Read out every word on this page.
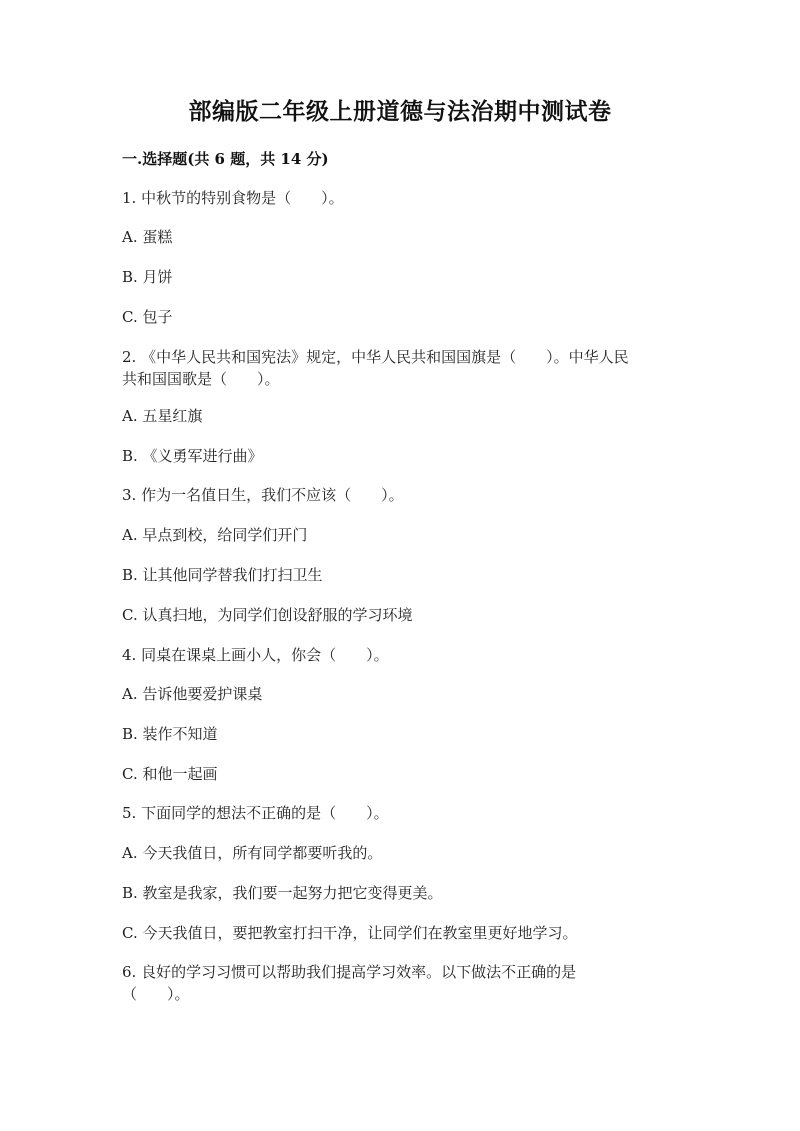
部编版二年级上册道德与法治期中测试卷
一.选择题(共 6 题，共 14 分)
1. 中秋节的特别食物是（　　）。
A. 蛋糕
B. 月饼
C. 包子
2. 《中华人民共和国宪法》规定，中华人民共和国国旗是（　　）。中华人民
共和国国歌是（　　）。
A. 五星红旗
B. 《义勇军进行曲》
3. 作为一名值日生，我们不应该（　　）。
A. 早点到校，给同学们开门
B. 让其他同学替我们打扫卫生
C. 认真扫地，为同学们创设舒服的学习环境
4. 同桌在课桌上画小人，你会（　　）。
A. 告诉他要爱护课桌
B. 装作不知道
C. 和他一起画
5. 下面同学的想法不正确的是（　　）。
A. 今天我值日，所有同学都要听我的。
B. 教室是我家，我们要一起努力把它变得更美。
C. 今天我值日，要把教室打扫干净，让同学们在教室里更好地学习。
6. 良好的学习习惯可以帮助我们提高学习效率。以下做法不正确的是
（　　）。
